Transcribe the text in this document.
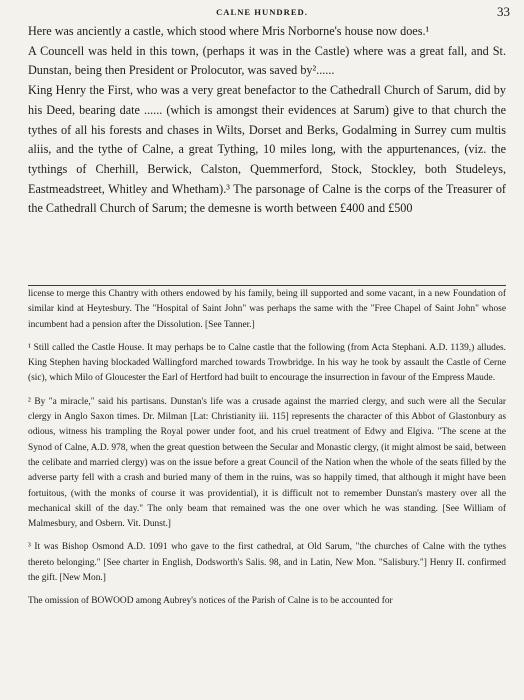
CALNE HUNDRED.	33

Here was anciently a castle, which stood where Mris Norborne's house now does.¹

A Councell was held in this town, (perhaps it was in the Castle) where was a great fall, and St. Dunstan, being then President or Prolocutor, was saved by²......

King Henry the First, who was a very great benefactor to the Cathedrall Church of Sarum, did by his Deed, bearing date ...... (which is amongst their evidences at Sarum) give to that church the tythes of all his forests and chases in Wilts, Dorset and Berks, Godalming in Surrey cum multis aliis, and the tythe of Calne, a great Tything, 10 miles long, with the appurtenances, (viz. the tythings of Cherhill, Berwick, Calston, Quemmerford, Stock, Stockley, both Studeleys, Eastmeadstreet, Whitley and Whetham).³ The parsonage of Calne is the corps of the Treasurer of the Cathedrall Church of Sarum; the demesne is worth between £400 and £500

license to merge this Chantry with others endowed by his family, being ill supported and some vacant, in a new Foundation of similar kind at Heytesbury. The "Hospital of Saint John" was perhaps the same with the "Free Chapel of Saint John" whose incumbent had a pension after the Dissolution. [See Tanner.]

¹ Still called the Castle House. It may perhaps be to Calne castle that the following (from Acta Stephani. A.D. 1139,) alludes. King Stephen having blockaded Wallingford marched towards Trowbridge. In his way he took by assault the Castle of Cerne (sic), which Milo of Gloucester the Earl of Hertford had built to encourage the insurrection in favour of the Empress Maude.

² By "a miracle," said his partisans. Dunstan's life was a crusade against the married clergy, and such were all the Secular clergy in Anglo Saxon times. Dr. Milman [Lat: Christianity iii. 115] represents the character of this Abbot of Glastonbury as odious, witness his trampling the Royal power under foot, and his cruel treatment of Edwy and Elgiva. "The scene at the Synod of Calne, A.D. 978, when the great question between the Secular and Monastic clergy, (it might almost be said, between the celibate and married clergy) was on the issue before a great Council of the Nation when the whole of the seats filled by the adverse party fell with a crash and buried many of them in the ruins, was so happily timed, that although it might have been fortuitous, (with the monks of course it was providential), it is difficult not to remember Dunstan's mastery over all the mechanical skill of the day." The only beam that remained was the one over which he was standing. [See William of Malmesbury, and Osbern. Vit. Dunst.]

³ It was Bishop Osmond A.D. 1091 who gave to the first cathedral, at Old Sarum, "the churches of Calne with the tythes thereto belonging." [See charter in English, Dodsworth's Salis. 98, and in Latin, New Mon. "Salisbury."] Henry II. confirmed the gift. [New Mon.]

The omission of BOWOOD among Aubrey's notices of the Parish of Calne is to be accounted for
